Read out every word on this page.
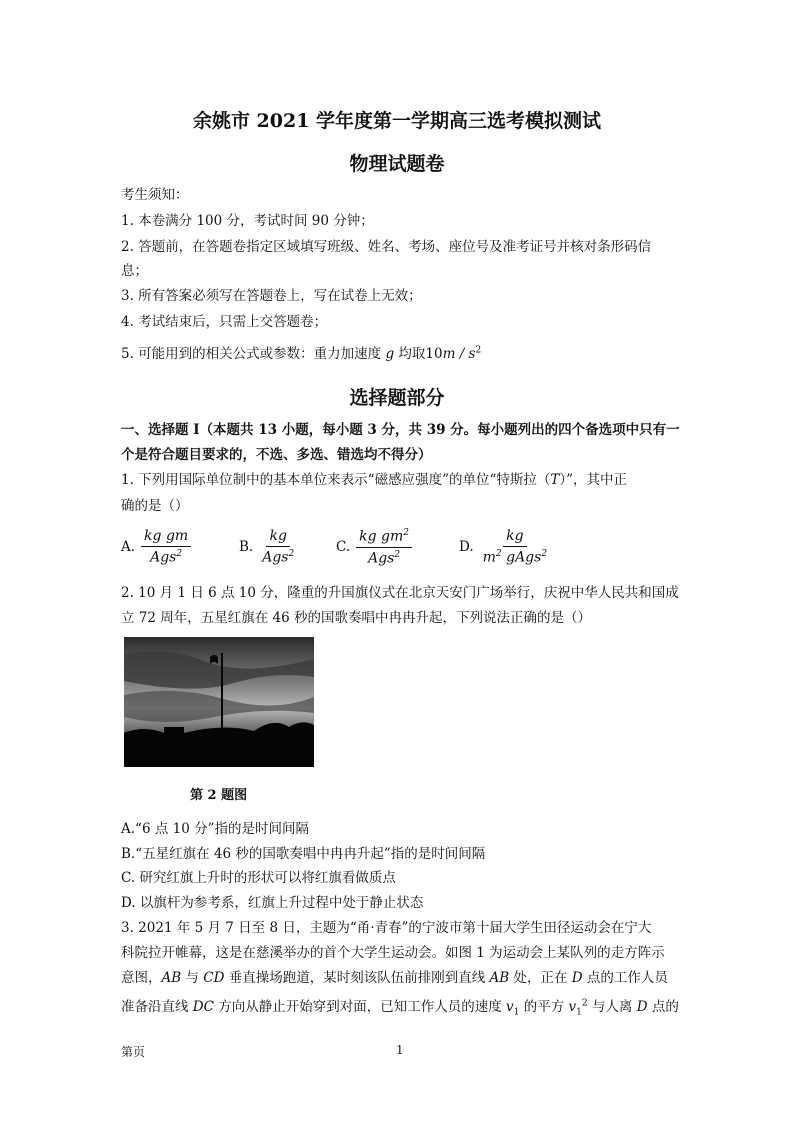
余姚市 2021 学年度第一学期高三选考模拟测试
物理试题卷
考生须知：
1. 本卷满分 100 分，考试时间 90 分钟；
2. 答题前，在答题卷指定区域填写班级、姓名、考场、座位号及准考证号并核对条形码信
息；
3. 所有答案必须写在答题卷上，写在试卷上无效；
4. 考试结束后，只需上交答题卷；
5. 可能用到的相关公式或参数：重力加速度 g 均取$10m / s^2$
选择题部分
一、选择题 I（本题共 13 小题，每小题 3 分，共 39 分。每小题列出的四个备选项中只有一
个是符合题目要求的，不选、多选、错选均不得分）
1. 下列用国际单位制中的基本单位来表示“磁感应强度”的单位“特斯拉（T）”，其中正
确的是（）
A. $\frac{\text{kg gm}}{Ags^2}$	B. $\frac{kg}{Ags^2}$	C. $\frac{kg gm^2}{Ags^2}$	D. $\frac{kg}{m^2 gAgs^2}$
2. 10 月 1 日 6 点 10 分，隆重的升国旗仪式在北京天安门广场举行，庆祝中华人民共和国成
立 72 周年，五星红旗在 46 秒的国歌奏唱中冉冉升起，下列说法正确的是（）
第 2 题图
A.“6 点 10 分”指的是时间间隔
B.“五星红旗在 46 秒的国歌奏唱中冉冉升起”指的是时间间隔
C. 研究红旗上升时的形状可以将红旗看做质点
D. 以旗杆为参考系，红旗上升过程中处于静止状态
3. 2021 年 5 月 7 日至 8 日，主题为“甬·青春”的宁波市第十届大学生田径运动会在宁大
科院拉开帷幕，这是在慈溪举办的首个大学生运动会。如图 1 为运动会上某队列的走方阵示
意图，AB 与 CD 垂直操场跑道，某时刻该队伍前排刚到直线 AB 处，正在 D 点的工作人员
准备沿直线 DC 方向从静止开始穿到对面，已知工作人员的速度 $v_1$ 的平方 $v_1^2$ 与人离 D 点的
第页	1
